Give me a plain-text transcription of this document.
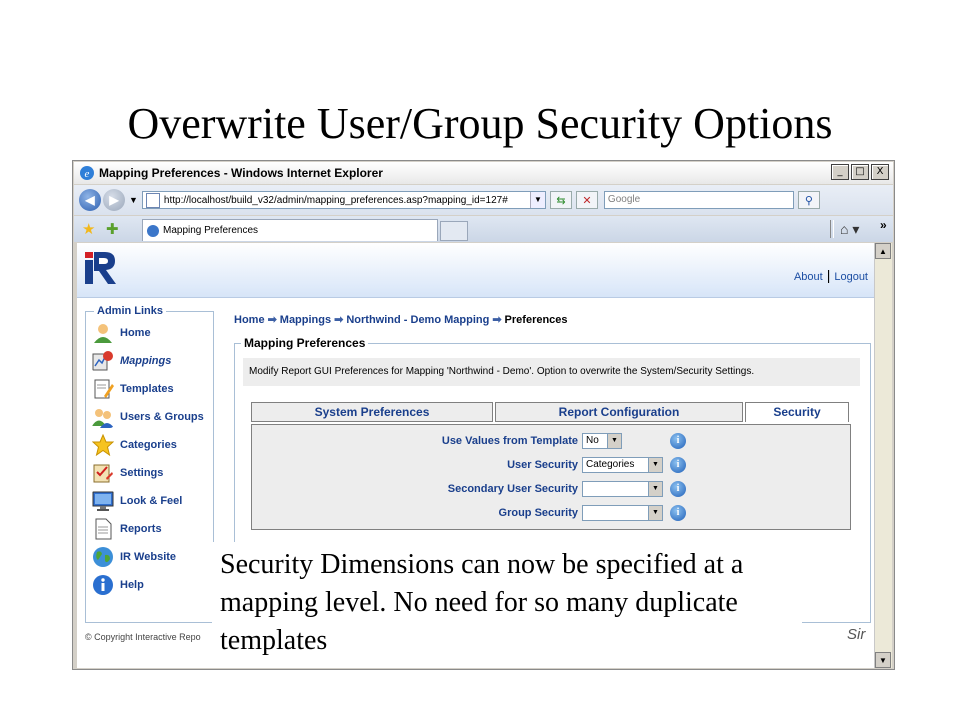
Overwrite User/Group Security Options
e Mapping Preferences - Windows Internet Explorer	_	□	X
◀	▶	▼	http://localhost/build_v32/admin/mapping_preferences.asp?mapping_id=127#	▼	⇆	✕	Google	⚲
★ ✚	Mapping Preferences	⌂ ▾ »
About | Logout
Admin Links
Home
Mappings
Templates
Users & Groups
Categories
Settings
Look & Feel
Reports
IR Website
Help
Home ➡ Mappings ➡ Northwind - Demo Mapping ➡ Preferences
Mapping Preferences
Modify Report GUI Preferences for Mapping 'Northwind - Demo'. Option to overwrite the System/Security Settings.
System Preferences	Report Configuration	Security
Use Values from Template No	▼	i
User Security Categories	▼	i
Secondary User Security	▼	i
Group Security	▼	i
© Copyright Interactive Repo	Sir
▲
▼
Security Dimensions can now be specified at a mapping level. No need for so many duplicate templates
